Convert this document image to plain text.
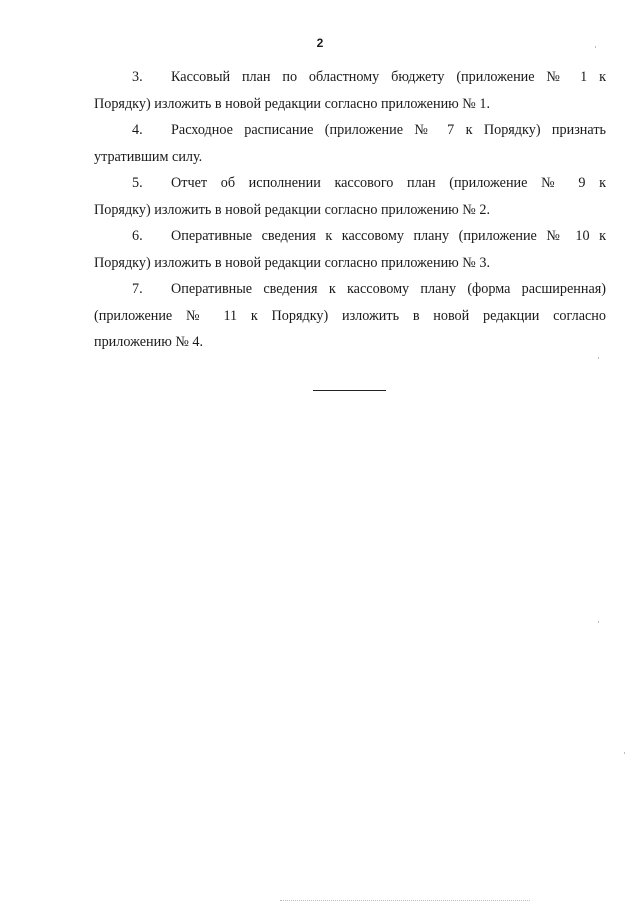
2
3. Кассовый план по областному бюджету (приложение № 1 к
Порядку) изложить в новой редакции согласно приложению № 1.
4. Расходное расписание (приложение № 7 к Порядку) признать
утратившим силу.
5. Отчет об исполнении кассового план (приложение № 9 к
Порядку) изложить в новой редакции согласно приложению № 2.
6. Оперативные сведения к кассовому плану (приложение № 10 к
Порядку) изложить в новой редакции согласно приложению № 3.
7. Оперативные сведения к кассовому плану (форма расширенная)
(приложение № 11 к Порядку) изложить в новой редакции согласно
приложению № 4.
